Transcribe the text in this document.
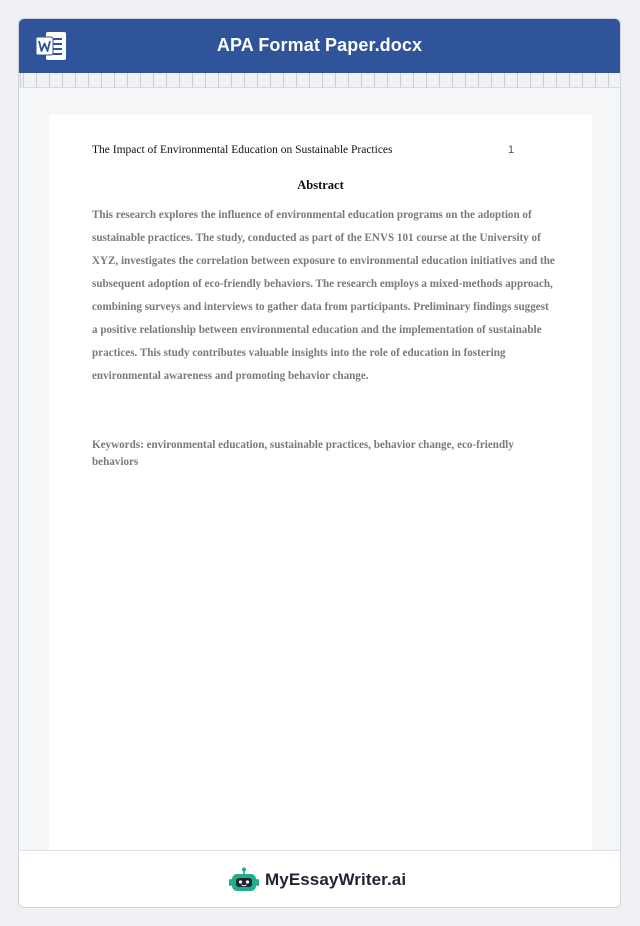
APA Format Paper.docx
The Impact of Environmental Education on Sustainable Practices	1
Abstract
This research explores the influence of environmental education programs on the adoption of sustainable practices. The study, conducted as part of the ENVS 101 course at the University of XYZ, investigates the correlation between exposure to environmental education initiatives and the subsequent adoption of eco-friendly behaviors. The research employs a mixed-methods approach, combining surveys and interviews to gather data from participants. Preliminary findings suggest a positive relationship between environmental education and the implementation of sustainable practices. This study contributes valuable insights into the role of education in fostering environmental awareness and promoting behavior change.
Keywords: environmental education, sustainable practices, behavior change, eco-friendly behaviors
MyEssayWriter.ai
